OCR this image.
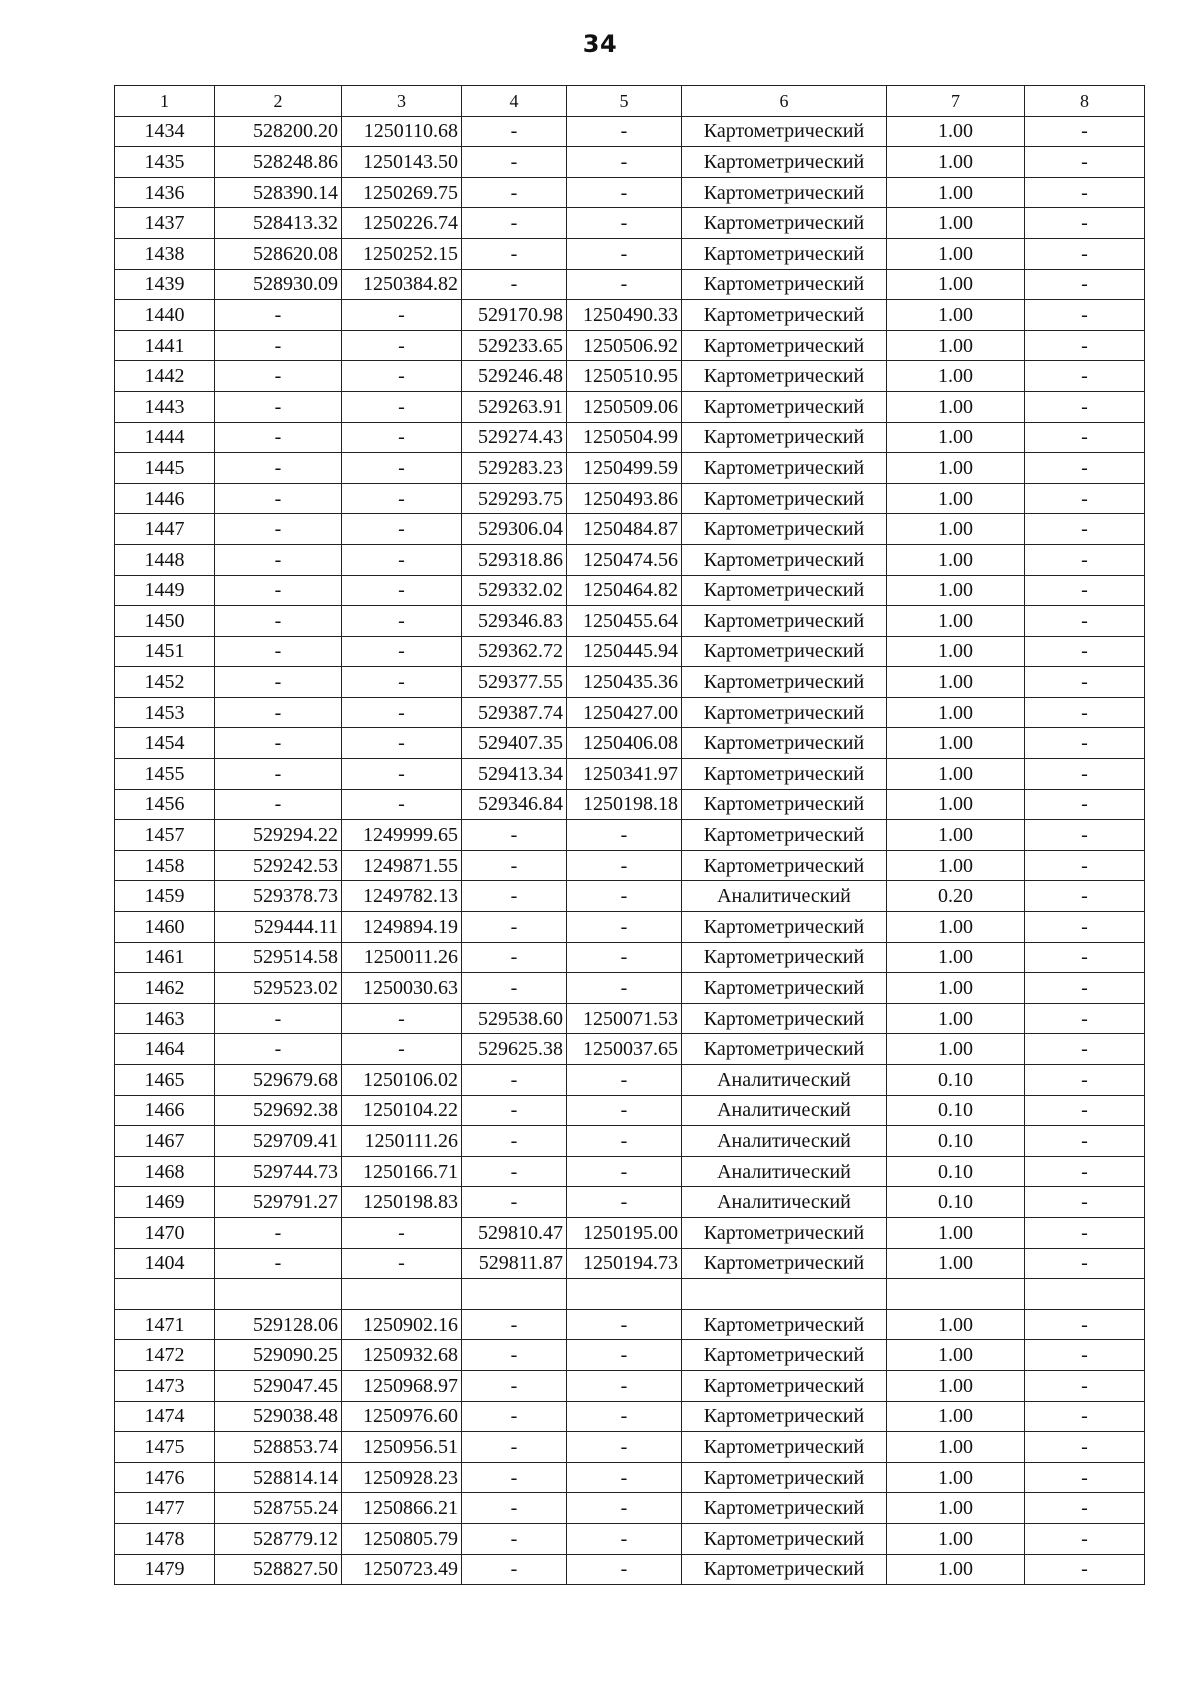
34
1	2	3	4	5	6	7	8
1434	528200.20	1250110.68	-	-	Картометрический	1.00	-
1435	528248.86	1250143.50	-	-	Картометрический	1.00	-
1436	528390.14	1250269.75	-	-	Картометрический	1.00	-
1437	528413.32	1250226.74	-	-	Картометрический	1.00	-
1438	528620.08	1250252.15	-	-	Картометрический	1.00	-
1439	528930.09	1250384.82	-	-	Картометрический	1.00	-
1440	-	-	529170.98	1250490.33	Картометрический	1.00	-
1441	-	-	529233.65	1250506.92	Картометрический	1.00	-
1442	-	-	529246.48	1250510.95	Картометрический	1.00	-
1443	-	-	529263.91	1250509.06	Картометрический	1.00	-
1444	-	-	529274.43	1250504.99	Картометрический	1.00	-
1445	-	-	529283.23	1250499.59	Картометрический	1.00	-
1446	-	-	529293.75	1250493.86	Картометрический	1.00	-
1447	-	-	529306.04	1250484.87	Картометрический	1.00	-
1448	-	-	529318.86	1250474.56	Картометрический	1.00	-
1449	-	-	529332.02	1250464.82	Картометрический	1.00	-
1450	-	-	529346.83	1250455.64	Картометрический	1.00	-
1451	-	-	529362.72	1250445.94	Картометрический	1.00	-
1452	-	-	529377.55	1250435.36	Картометрический	1.00	-
1453	-	-	529387.74	1250427.00	Картометрический	1.00	-
1454	-	-	529407.35	1250406.08	Картометрический	1.00	-
1455	-	-	529413.34	1250341.97	Картометрический	1.00	-
1456	-	-	529346.84	1250198.18	Картометрический	1.00	-
1457	529294.22	1249999.65	-	-	Картометрический	1.00	-
1458	529242.53	1249871.55	-	-	Картометрический	1.00	-
1459	529378.73	1249782.13	-	-	Аналитический	0.20	-
1460	529444.11	1249894.19	-	-	Картометрический	1.00	-
1461	529514.58	1250011.26	-	-	Картометрический	1.00	-
1462	529523.02	1250030.63	-	-	Картометрический	1.00	-
1463	-	-	529538.60	1250071.53	Картометрический	1.00	-
1464	-	-	529625.38	1250037.65	Картометрический	1.00	-
1465	529679.68	1250106.02	-	-	Аналитический	0.10	-
1466	529692.38	1250104.22	-	-	Аналитический	0.10	-
1467	529709.41	1250111.26	-	-	Аналитический	0.10	-
1468	529744.73	1250166.71	-	-	Аналитический	0.10	-
1469	529791.27	1250198.83	-	-	Аналитический	0.10	-
1470	-	-	529810.47	1250195.00	Картометрический	1.00	-
1404	-	-	529811.87	1250194.73	Картометрический	1.00	-

1471	529128.06	1250902.16	-	-	Картометрический	1.00	-
1472	529090.25	1250932.68	-	-	Картометрический	1.00	-
1473	529047.45	1250968.97	-	-	Картометрический	1.00	-
1474	529038.48	1250976.60	-	-	Картометрический	1.00	-
1475	528853.74	1250956.51	-	-	Картометрический	1.00	-
1476	528814.14	1250928.23	-	-	Картометрический	1.00	-
1477	528755.24	1250866.21	-	-	Картометрический	1.00	-
1478	528779.12	1250805.79	-	-	Картометрический	1.00	-
1479	528827.50	1250723.49	-	-	Картометрический	1.00	-
